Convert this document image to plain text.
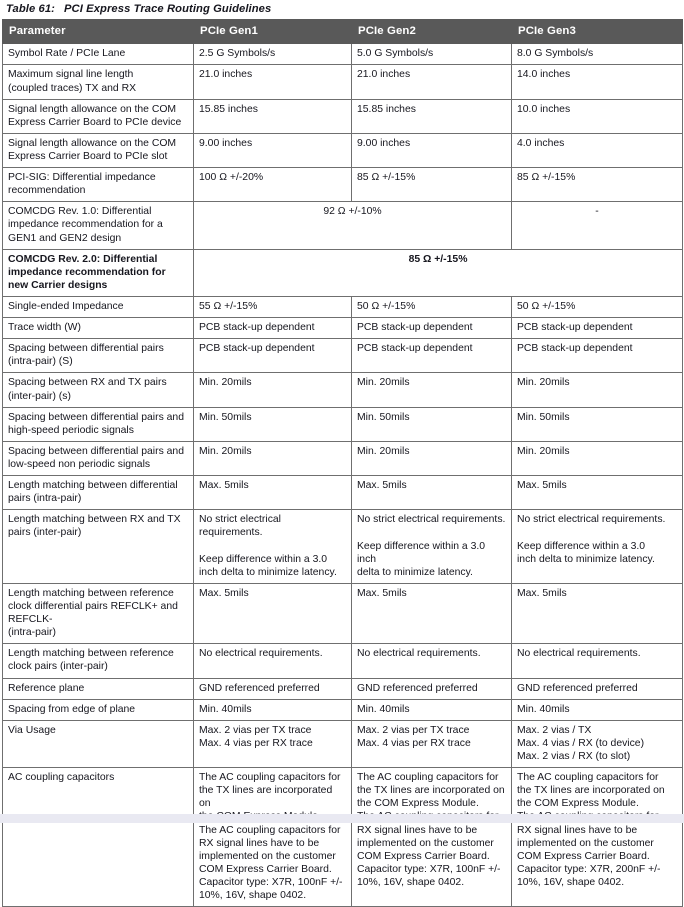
Table 61: PCI Express Trace Routing Guidelines
Parameter	PCIe Gen1	PCIe Gen2	PCIe Gen3
Symbol Rate / PCIe Lane	2.5 G Symbols/s	5.0 G Symbols/s	8.0 G Symbols/s
Maximum signal line length
(coupled traces) TX and RX	21.0 inches	21.0 inches	14.0 inches
Signal length allowance on the COM
Express Carrier Board to PCIe device	15.85 inches	15.85 inches	10.0 inches
Signal length allowance on the COM
Express Carrier Board to PCIe slot	9.00 inches	9.00 inches	4.0 inches
PCI-SIG: Differential impedance
recommendation	100 Ω +/-20%	85 Ω +/-15%	85 Ω +/-15%
COMCDG Rev. 1.0: Differential
impedance recommendation for a
GEN1 and GEN2 design	92 Ω +/-10%		-
COMCDG Rev. 2.0: Differential
impedance recommendation for
new Carrier designs	85 Ω +/-15%		
Single-ended Impedance	55 Ω +/-15%	50 Ω +/-15%	50 Ω +/-15%
Trace width (W)	PCB stack-up dependent	PCB stack-up dependent	PCB stack-up dependent
Spacing between differential pairs
(intra-pair) (S)	PCB stack-up dependent	PCB stack-up dependent	PCB stack-up dependent
Spacing between RX and TX pairs
(inter-pair) (s)	Min. 20mils	Min. 20mils	Min. 20mils
Spacing between differential pairs and
high-speed periodic signals	Min. 50mils	Min. 50mils	Min. 50mils
Spacing between differential pairs and
low-speed non periodic signals	Min. 20mils	Min. 20mils	Min. 20mils
Length matching between differential
pairs (intra-pair)	Max. 5mils	Max. 5mils	Max. 5mils
Length matching between RX and TX
pairs (inter-pair)	No strict electrical requirements.

Keep difference within a 3.0
inch delta to minimize latency.	No strict electrical requirements.

Keep difference within a 3.0 inch
delta to minimize latency.	No strict electrical requirements.

Keep difference within a 3.0
inch delta to minimize latency.
Length matching between reference
clock differential pairs REFCLK+ and
REFCLK-
(intra-pair)	Max. 5mils	Max. 5mils	Max. 5mils
Length matching between reference
clock pairs (inter-pair)	No electrical requirements.	No electrical requirements.	No electrical requirements.
Reference plane	GND referenced preferred	GND referenced preferred	GND referenced preferred
Spacing from edge of plane	Min. 40mils	Min. 40mils	Min. 40mils
Via Usage	Max. 2 vias per TX trace
Max. 4 vias per RX trace	Max. 2 vias per TX trace
Max. 4 vias per RX trace	Max. 2 vias / TX
Max. 4 vias / RX (to device)
Max. 2 vias / RX (to slot)
AC coupling capacitors	The AC coupling capacitors for
the TX lines are incorporated on

The AC coupling capacitors for
RX signal lines have to be
implemented on the customer
COM Express Carrier Board.
Capacitor type: X7R, 100nF +/-
10%, 16V, shape 0402.	The AC coupling capacitors for
the TX lines are incorporated on
the COM Express Module.

RX signal lines have to be
implemented on the customer
COM Express Carrier Board.
Capacitor type: X7R, 100nF +/-
10%, 16V, shape 0402.	The AC coupling capacitors for
the TX lines are incorporated on
the COM Express Module.

RX signal lines have to be
implemented on the customer
COM Express Carrier Board.
Capacitor type: X7R, 200nF +/-
10%, 16V, shape 0402.
